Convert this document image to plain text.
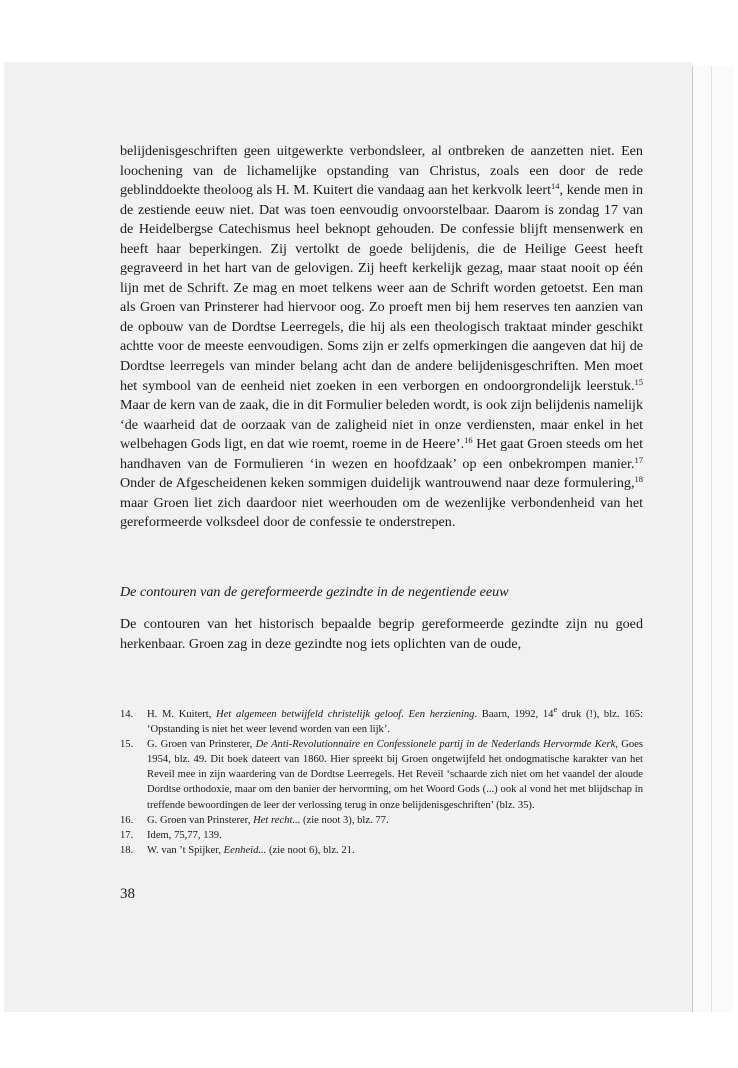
belijdenisgeschriften geen uitgewerkte verbondsleer, al ontbreken de aanzetten niet. Een loochening van de lichamelijke opstanding van Christus, zoals een door de rede geblinddoekte theoloog als H. M. Kuitert die vandaag aan het kerkvolk leert$^{14}$, kende men in de zestiende eeuw niet. Dat was toen eenvoudig onvoorstelbaar. Daarom is zondag 17 van de Heidelbergse Catechismus heel beknopt gehouden. De confessie blijft mensenwerk en heeft haar beperkingen. Zij vertolkt de goede belijdenis, die de Heilige Geest heeft gegraveerd in het hart van de gelovigen. Zij heeft kerkelijk gezag, maar staat nooit op één lijn met de Schrift. Ze mag en moet telkens weer aan de Schrift worden getoetst. Een man als Groen van Prinsterer had hiervoor oog. Zo proeft men bij hem reserves ten aanzien van de opbouw van de Dordtse Leerregels, die hij als een theologisch traktaat minder geschikt achtte voor de meeste eenvoudigen. Soms zijn er zelfs opmerkingen die aangeven dat hij de Dordtse leerregels van minder belang acht dan de andere belijdenisgeschriften. Men moet het symbool van de eenheid niet zoeken in een verborgen en ondoorgrondelijk leerstuk.$^{15}$ Maar de kern van de zaak, die in dit Formulier beleden wordt, is ook zijn belijdenis namelijk ‘de waarheid dat de oorzaak van de zaligheid niet in onze verdiensten, maar enkel in het welbehagen Gods ligt, en dat wie roemt, roeme in de Heere’.$^{16}$ Het gaat Groen steeds om het handhaven van de Formulieren ‘in wezen en hoofdzaak’ op een onbekrompen manier.$^{17}$ Onder de Afgescheidenen keken sommigen duidelijk wantrouwend naar deze formulering,$^{18}$ maar Groen liet zich daardoor niet weerhouden om de wezenlijke verbondenheid van het gereformeerde volksdeel door de confessie te onderstrepen.

De contouren van de gereformeerde gezindte in de negentiende eeuw
De contouren van het historisch bepaalde begrip gereformeerde gezindte zijn nu goed herkenbaar. Groen zag in deze gezindte nog iets oplichten van de oude,
14. H. M. Kuitert, Het algemeen betwijfeld christelijk geloof. Een herziening. Baarn, 1992, 14e druk (!), blz. 165: ‘Opstanding is niet het weer levend worden van een lijk’.
15. G. Groen van Prinsterer, De Anti-Revolutionnaire en Confessionele partij in de Nederlands Hervormde Kerk, Goes 1954, blz. 49. Dit boek dateert van 1860. Hier spreekt bij Groen ongetwijfeld het ondogmatische karakter van het Reveil mee in zijn waardering van de Dordtse Leerregels. Het Reveil ‘schaarde zich niet om het vaandel der aloude Dordtse orthodoxie, maar om den banier der hervorming, om het Woord Gods (...) ook al vond het met blijdschap in treffende bewoordingen de leer der verlossing terug in onze belijdenisgeschriften’ (blz. 35).
16. G. Groen van Prinsterer, Het recht... (zie noot 3), blz. 77.
17. Idem, 75,77, 139.
18. W. van ’t Spijker, Eenheid... (zie noot 6), blz. 21.
38
